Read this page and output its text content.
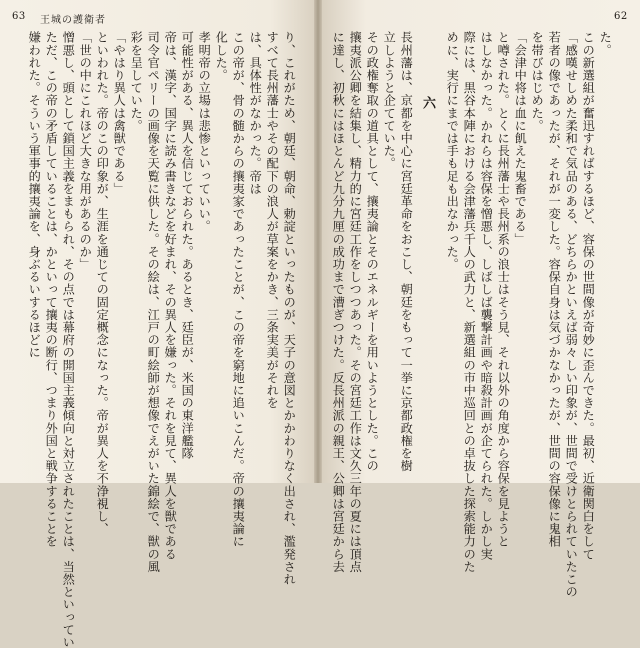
63 王城の護衛者
嫌われた。そういう軍事的攘夷論を、身ぶるいするほどに ただ、この帝の矛盾していることは、かといって攘夷の断行、つまり外国と戦争することを 憎悪し、頭として鎖国主義をまもられ、その点では幕府の開国主義傾向と対立されたことは、当然といってい 「世の中にこれほど大きな用があるのか」 といわれた。帝のこの印象が、生涯を通じての固定概念になった。帝が異人を不浄視し、 「やはり異人は禽獣である」 彩を呈していた。 司令官ペリーの画像を天覧に供した。その絵は、江戸の町絵師が想像でえがいた錦絵で、獣の風 帝は、漢字、国字に読み書きなどを好まれ、その異人を嫌った。それを見て、異人を獣である 可能性がある、異人を信じておられた。あるとき、廷臣が、米国の東洋艦隊 孝明帝の立場は悲惨といっていい。 化した。 この帝が、骨の髄からの攘夷家であったことが、この帝を窮地に追いこんだ。帝の攘夷論に は、具体性がなかった。帝は すべて長州藩士やその配下の浪人が草案をかき、三条実美がそれを り、これがため、朝廷、朝命、勅諚といったものが、天子の意図とかかわりなく出され、濫発され
62
に達し、初秋にはほとんど九分九厘の成功まで漕ぎつけた。反長州派の親王、公卿は宮廷から去 攘夷派公卿を結集し、精力的に宮廷工作をしつつあった。その宮廷工作は文久三年の夏には頂点 その政権奪取の道具として、攘夷論とそのエネルギーを用いようとした。この 立しようと企てていた。 長州藩は、京都を中心に宮廷革命をおこし、朝廷をもって一挙に京都政権を樹 六 めに、実行にまでは手も足も出なかった。 際には、黒谷本陣における会津藩兵千人の武力と、新選組の市中巡回との卓抜した探索能力のた はしなかった。かれらは容保を憎悪し、しばしば襲撃計画や暗殺計画が企てられた。しかし実 と噂された。とくに長州藩士や長州系の浪士はそう見、それ以外の角度から容保を見ようと 「会津中将は血に飢えた鬼畜である」 を帯びはじめた。 若者の像であったが、それが一変した。容保自身は気づかなかったが、世間の容保像に鬼相 「感嘆せしめた柔和で気品のある、どちらかといえば弱々しい印象が、世間で受けとられていたこの この新選組が奮迅すればするほど、容保の世間像が奇妙に歪んできた。最初、近衛関白をして た。
